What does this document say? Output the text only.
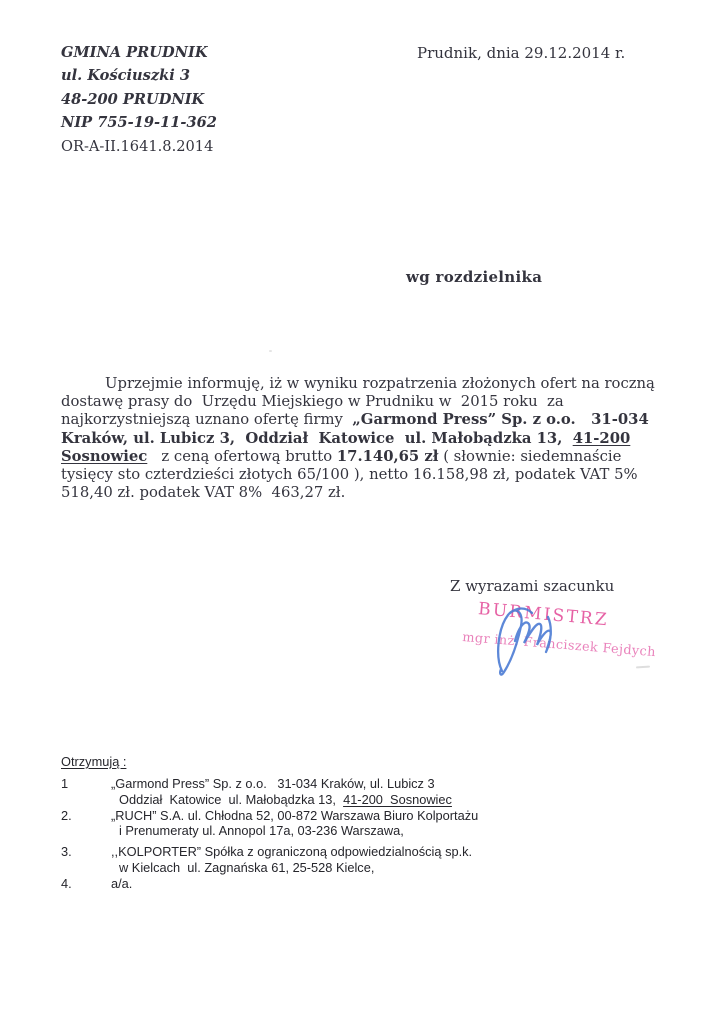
GMINA PRUDNIK
ul. Kościuszki 3
48-200 PRUDNIK
NIP 755-19-11-362
OR-A-II.1641.8.2014
Prudnik, dnia 29.12.2014 r.
wg rozdzielnika
Uprzejmie informuję, iż w wyniku rozpatrzenia złożonych ofert na roczną
dostawę prasy do  Urzędu Miejskiego w Prudniku w  2015 roku  za
najkorzystniejszą uznano ofertę firmy  „Garmond Press” Sp. z o.o.   31-034
Kraków, ul. Lubicz 3,  Oddział  Katowice  ul. Małobądzka 13,  41-200
Sosnowiec   z ceną ofertową brutto 17.140,65 zł ( słownie: siedemnaście
tysięcy sto czterdzieści złotych 65/100 ), netto 16.158,98 zł, podatek VAT 5%
518,40 zł. podatek VAT 8%  463,27 zł.
Z wyrazami szacunku
BURMISTRZ
mgr inż. Franciszek Fejdych
Otrzymują :
1	„Garmond Press” Sp. z o.o.   31-034 Kraków, ul. Lubicz 3
Oddział  Katowice  ul. Małobądzka 13,  41-200  Sosnowiec
2.	„RUCH” S.A. ul. Chłodna 52, 00-872 Warszawa Biuro Kolportażu
i Prenumeraty ul. Annopol 17a, 03-236 Warszawa,
3.	,,KOLPORTER” Spółka z ograniczoną odpowiedzialnością sp.k.
w Kielcach  ul. Zagnańska 61, 25-528 Kielce,
4.	a/a.
